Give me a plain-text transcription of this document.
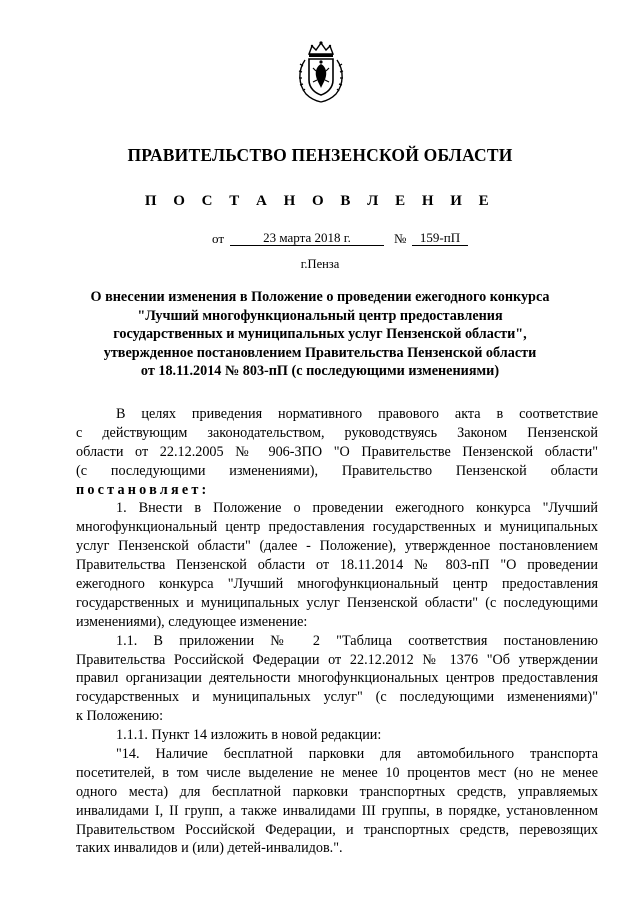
ПРАВИТЕЛЬСТВО ПЕНЗЕНСКОЙ ОБЛАСТИ
П О С Т А Н О В Л Е Н И Е
от	23 марта 2018 г.	№	159-пП
г.Пенза
О внесении изменения в Положение о проведении ежегодного конкурса
"Лучший многофункциональный центр предоставления
государственных и муниципальных услуг Пензенской области",
утвержденное постановлением Правительства Пензенской области
от 18.11.2014 № 803-пП (с последующими изменениями)
В целях приведения нормативного правового акта в соответствие
с действующим законодательством, руководствуясь Законом Пензенской
области от 22.12.2005 № 906-ЗПО "О Правительстве Пензенской области"
(с последующими изменениями), Правительство Пензенской области
постановляет:
1. Внести в Положение о проведении ежегодного конкурса "Лучший
многофункциональный центр предоставления государственных и муниципальных
услуг Пензенской области" (далее - Положение), утвержденное постановлением
Правительства Пензенской области от 18.11.2014 № 803-пП "О проведении
ежегодного конкурса "Лучший многофункциональный центр предоставления
государственных и муниципальных услуг Пензенской области" (с последующими
изменениями), следующее изменение:
1.1. В приложении № 2 "Таблица соответствия постановлению
Правительства Российской Федерации от 22.12.2012 № 1376 "Об утверждении
правил организации деятельности многофункциональных центров предоставления
государственных и муниципальных услуг" (с последующими изменениями)"
к Положению:
1.1.1. Пункт 14 изложить в новой редакции:
"14. Наличие бесплатной парковки для автомобильного транспорта
посетителей, в том числе выделение не менее 10 процентов мест (но не менее
одного места) для бесплатной парковки транспортных средств, управляемых
инвалидами I, II групп, а также инвалидами III группы, в порядке, установленном
Правительством Российской Федерации, и транспортных средств, перевозящих
таких инвалидов и (или) детей-инвалидов.".
